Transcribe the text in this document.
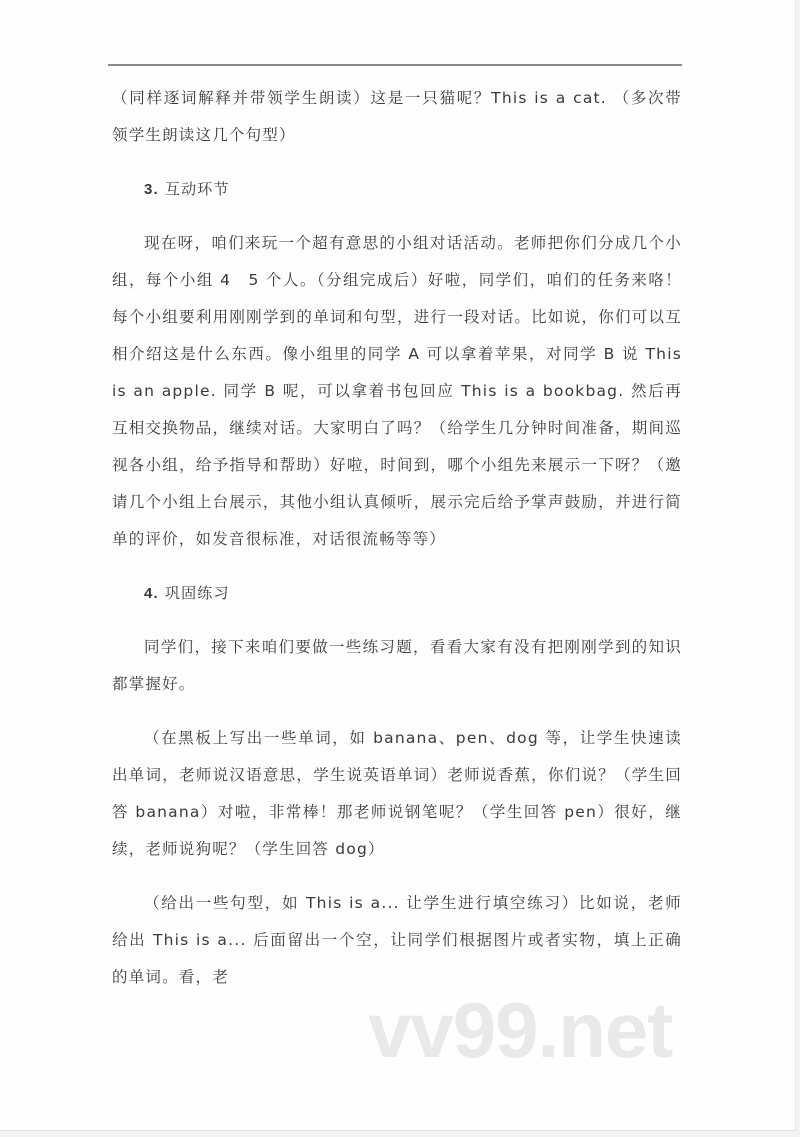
（同样逐词解释并带领学生朗读）这是一只猫呢？This is a cat. （多次带领学生朗读这几个句型）

3. 互动环节

现在呀，咱们来玩一个超有意思的小组对话活动。老师把你们分成几个小组，每个小组 4　5 个人。（分组完成后）好啦，同学们，咱们的任务来咯！每个小组要利用刚刚学到的单词和句型，进行一段对话。比如说，你们可以互相介绍这是什么东西。像小组里的同学 A 可以拿着苹果，对同学 B 说 This is an apple. 同学 B 呢，可以拿着书包回应 This is a bookbag. 然后再互相交换物品，继续对话。大家明白了吗？（给学生几分钟时间准备，期间巡视各小组，给予指导和帮助）好啦，时间到，哪个小组先来展示一下呀？（邀请几个小组上台展示，其他小组认真倾听，展示完后给予掌声鼓励，并进行简单的评价，如发音很标准，对话很流畅等等）

4. 巩固练习

同学们，接下来咱们要做一些练习题，看看大家有没有把刚刚学到的知识都掌握好。

（在黑板上写出一些单词，如 banana、pen、dog 等，让学生快速读出单词，老师说汉语意思，学生说英语单词）老师说香蕉，你们说？（学生回答 banana）对啦，非常棒！那老师说钢笔呢？（学生回答 pen）很好，继续，老师说狗呢？（学生回答 dog）

（给出一些句型，如 This is a... 让学生进行填空练习）比如说，老师给出 This is a... 后面留出一个空，让同学们根据图片或者实物，填上正确的单词。看，老

vv99.net
